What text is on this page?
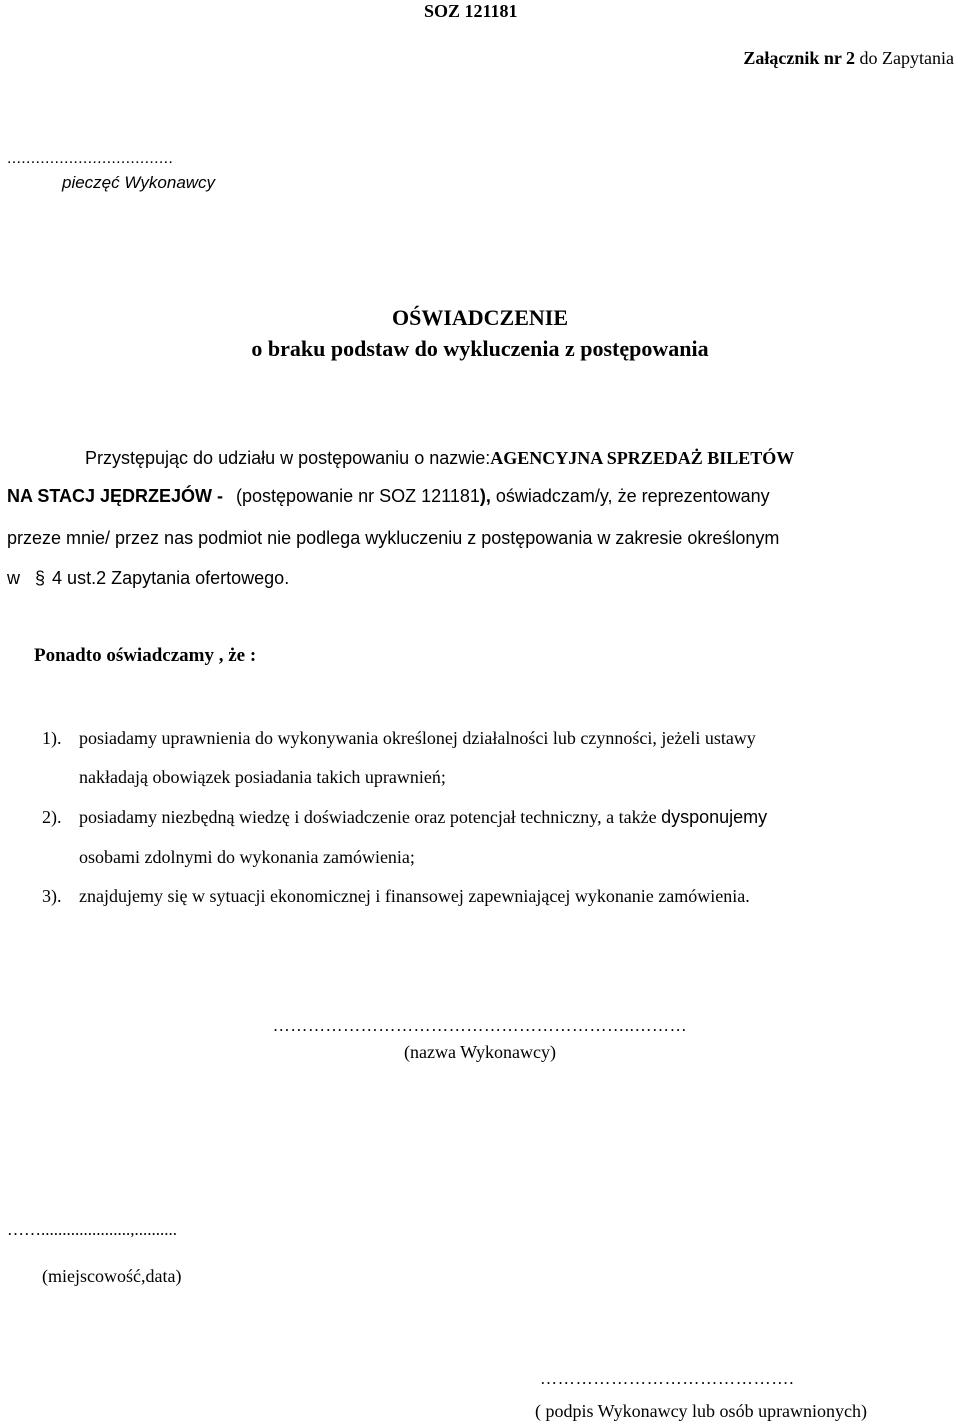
SOZ 121181
Załącznik nr 2 do Zapytania
...................................
pieczęć Wykonawcy
OŚWIADCZENIE
o braku podstaw do wykluczenia z postępowania
Przystępując do udziału w postępowaniu o nazwie:AGENCYJNA SPRZEDAŻ BILETÓW
NA STACJ JĘDRZEJÓW - (postępowanie nr SOZ 121181), oświadczam/y, że reprezentowany
przeze mnie/ przez nas podmiot nie podlega wykluczeniu z postępowania w zakresie określonym
w § 4 ust.2 Zapytania ofertowego.
Ponadto oświadczamy , że :
1). posiadamy uprawnienia do wykonywania określonej działalności lub czynności, jeżeli ustawy
nakładają obowiązek posiadania takich uprawnień;
2). posiadamy niezbędną wiedzę i doświadczenie oraz potencjał techniczny, a także dysponujemy
osobami zdolnymi do wykonania zamówienia;
3). znajdujemy się w sytuacji ekonomicznej i finansowej zapewniającej wykonanie zamówienia.
……………………………………………………..………
(nazwa Wykonawcy)
…….....................,..........
(miejscowość,data)
…………………………………….
( podpis Wykonawcy lub osób uprawnionych)
